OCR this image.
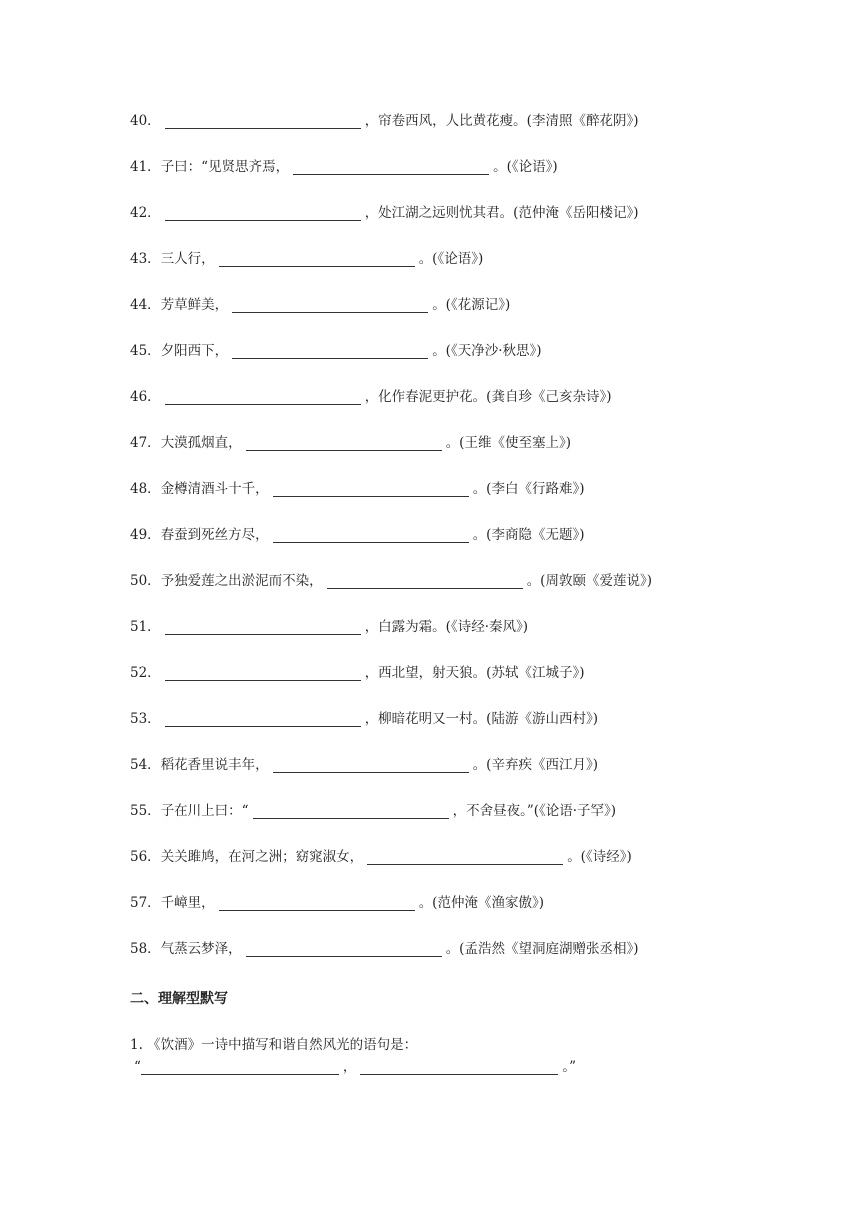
40．	，帘卷西风，人比黄花瘦。(李清照《醉花阴》)
41． 子曰：“见贤思齐焉，	。(《论语》)
42．	，处江湖之远则忧其君。(范仲淹《岳阳楼记》)
43． 三人行，	。(《论语》)
44． 芳草鲜美，	。(《花源记》)
45． 夕阳西下，	。(《天净沙·秋思》)
46．	，化作春泥更护花。(龚自珍《己亥杂诗》)
47． 大漠孤烟直，	。(王维《使至塞上》)
48． 金樽清酒斗十千，	。(李白《行路难》)
49． 春蚕到死丝方尽，	。(李商隐《无题》)
50． 予独爱莲之出淤泥而不染，	。(周敦颐《爱莲说》)
51．	，白露为霜。(《诗经·秦风》)
52．	，西北望，射天狼。(苏轼《江城子》)
53．	，柳暗花明又一村。(陆游《游山西村》)
54． 稻花香里说丰年，	。(辛弃疾《西江月》)
55． 子在川上曰：“	，不舍昼夜。”(《论语·子罕》)
56． 关关雎鸠，在河之洲；窈窕淑女，	。(《诗经》)
57． 千嶂里，	。(范仲淹《渔家傲》)
58． 气蒸云梦泽，	。(孟浩然《望洞庭湖赠张丞相》)
二、理解型默写
1. 《饮酒》一诗中描写和谐自然风光的语句是：
“	，	。”
